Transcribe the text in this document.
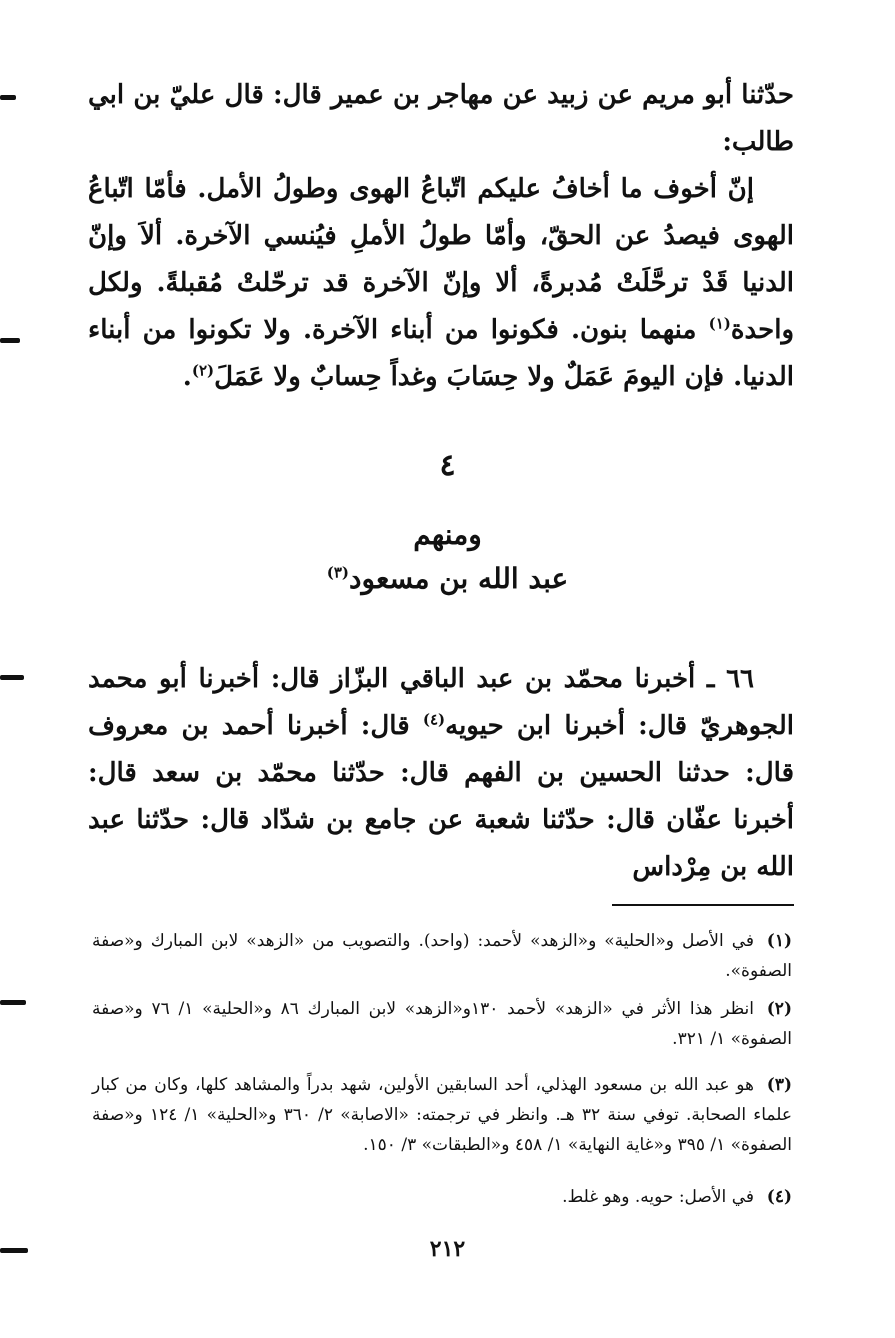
حدّثنا أبو مريم عن زبيد عن مهاجر بن عمير قال: قال عليّ بن ابي طالب:

إنّ أخوف ما أخافُ عليكم اتّباعُ الهوى وطولُ الأمل. فأمّا اتّباعُ الهوى فيصدُ عن الحقّ، وأمّا طولُ الأملِ فيُنسي الآخرة. ألاَ وإنّ الدنيا قَدْ ترحَّلَتْ مُدبرةً، ألا وإنّ الآخرة قد ترحّلتْ مُقبلةً. ولكل واحدة$^{(١)}$ منهما بنون. فكونوا من أبناء الآخرة. ولا تكونوا من أبناء الدنيا. فإن اليومَ عَمَلٌ ولا حِسَابَ وغداً حِسابٌ ولا عَمَلَ$^{(٢)}$.

٤
ومنهم
عبد الله بن مسعود$^{(٣)}$

٦٦ ـ أخبرنا محمّد بن عبد الباقي البزّاز قال: أخبرنا أبو محمد الجوهريّ قال: أخبرنا ابن حيويه$^{(٤)}$ قال: أخبرنا أحمد بن معروف قال: حدثنا الحسين بن الفهم قال: حدّثنا محمّد بن سعد قال: أخبرنا عفّان قال: حدّثنا شعبة عن جامع بن شدّاد قال: حدّثنا عبد الله بن مِرْداس

(١)في الأصل و«الحلية» و«الزهد» لأحمد: (واحد). والتصويب من «الزهد» لابن المبارك و«صفة الصفوة».

(٢)انظر هذا الأثر في «الزهد» لأحمد ١٣٠و«الزهد» لابن المبارك ٨٦ و«الحلية» ١/ ٧٦ و«صفة الصفوة» ١/ ٣٢١.

(٣)هو عبد الله بن مسعود الهذلي، أحد السابقين الأولين، شهد بدراً والمشاهد كلها، وكان من كبار علماء الصحابة. توفي سنة ٣٢ هـ. وانظر في ترجمته: «الاصابة» ٢/ ٣٦٠ و«الحلية» ١/ ١٢٤ و«صفة الصفوة» ١/ ٣٩٥ و«غاية النهاية» ١/ ٤٥٨ و«الطبقات» ٣/ ١٥٠.

(٤)في الأصل: حويه. وهو غلط.

٢١٢
